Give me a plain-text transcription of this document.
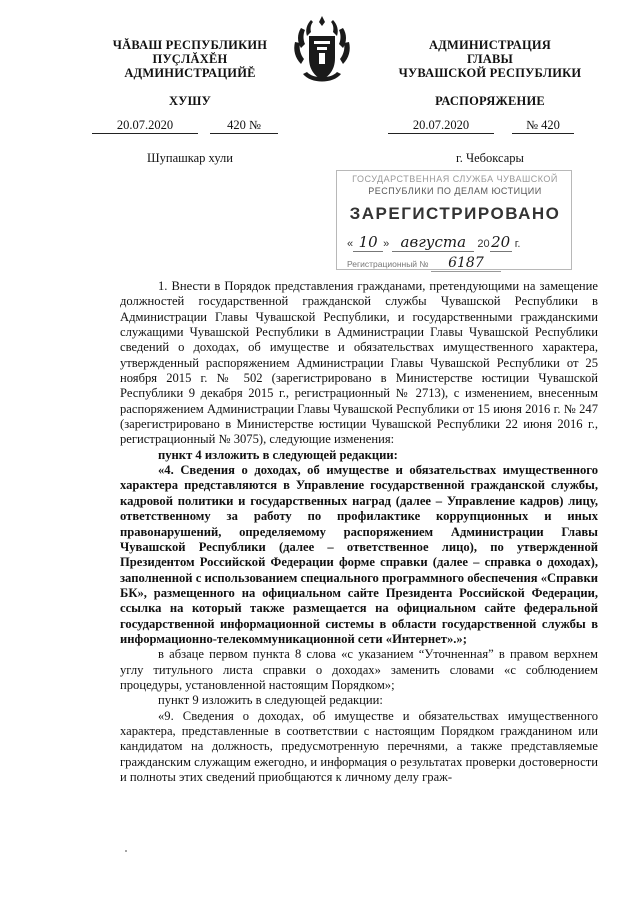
ЧĂВАШ РЕСПУБЛИКИН
ПУÇЛĂХĔН
АДМИНИСТРАЦИЙĔ
ХУШУ
20.07.2020	420 №
Шупашкар хули
АДМИНИСТРАЦИЯ
ГЛАВЫ
ЧУВАШСКОЙ РЕСПУБЛИКИ
РАСПОРЯЖЕНИЕ
20.07.2020	№ 420
г. Чебоксары
ГОСУДАРСТВЕННАЯ СЛУЖБА ЧУВАШСКОЙ
РЕСПУБЛИКИ ПО ДЕЛАМ ЮСТИЦИИ
ЗАРЕГИСТРИРОВАНО
« 10 » августа 2020 г.
Регистрационный № 6187

1. Внести в Порядок представления гражданами, претендующими на замещение должностей государственной гражданской службы Чувашской Республики в Администрации Главы Чувашской Республики, и государственными гражданскими служащими Чувашской Республики в Администрации Главы Чувашской Республики сведений о доходах, об имуществе и обязательствах имущественного характера, утвержденный распоряжением Администрации Главы Чувашской Республики от 25 ноября 2015 г. № 502 (зарегистрировано в Министерстве юстиции Чувашской Республики 9 декабря 2015 г., регистрационный № 2713), с изменением, внесенным распоряжением Администрации Главы Чувашской Республики от 15 июня 2016 г. № 247 (зарегистрировано в Министерстве юстиции Чувашской Республики 22 июня 2016 г., регистрационный № 3075), следующие изменения:

пункт 4 изложить в следующей редакции:

«4. Сведения о доходах, об имуществе и обязательствах имущественного характера представляются в Управление государственной гражданской службы, кадровой политики и государственных наград (далее – Управление кадров) лицу, ответственному за работу по профилактике коррупционных и иных правонарушений, определяемому распоряжением Администрации Главы Чувашской Республики (далее – ответственное лицо), по утвержденной Президентом Российской Федерации форме справки (далее – справка о доходах), заполненной с использованием специального программного обеспечения «Справки БК», размещенного на официальном сайте Президента Российской Федерации, ссылка на который также размещается на официальном сайте федеральной государственной информационной системы в области государственной службы в информационно-телекоммуникационной сети «Интернет».»;

в абзаце первом пункта 8 слова «с указанием “Уточненная” в правом верхнем углу титульного листа справки о доходах» заменить словами «с соблюдением процедуры, установленной настоящим Порядком»;

пункт 9 изложить в следующей редакции:

«9. Сведения о доходах, об имуществе и обязательствах имущественного характера, представленные в соответствии с настоящим Порядком гражданином или кандидатом на должность, предусмотренную перечнями, а также представляемые гражданским служащим ежегодно, и информация о результатах проверки достоверности и полноты этих сведений приобщаются к личному делу граж-
